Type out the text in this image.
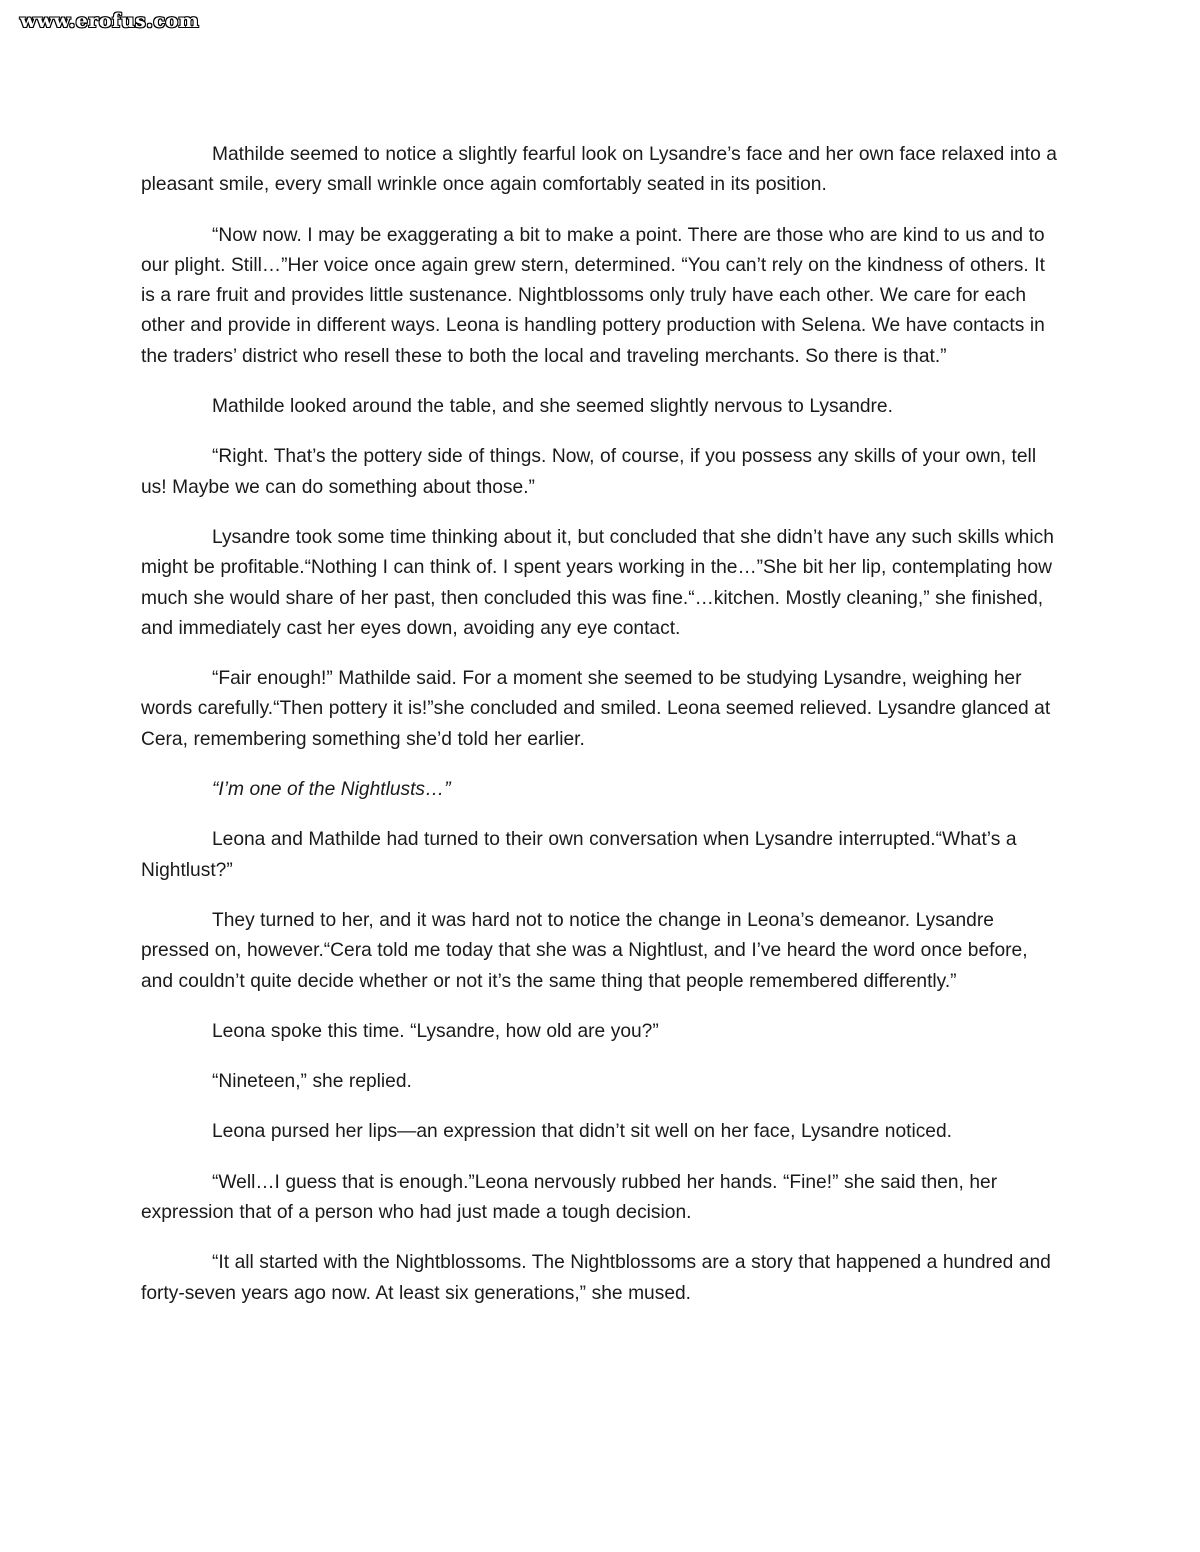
www.erofus.com

Mathilde seemed to notice a slightly fearful look on Lysandre’s face and her own face relaxed into a pleasant smile, every small wrinkle once again comfortably seated in its position.

“Now now. I may be exaggerating a bit to make a point. There are those who are kind to us and to our plight. Still…”Her voice once again grew stern, determined. “You can’t rely on the kindness of others. It is a rare fruit and provides little sustenance. Nightblossoms only truly have each other. We care for each other and provide in different ways. Leona is handling pottery production with Selena. We have contacts in the traders’ district who resell these to both the local and traveling merchants. So there is that.”

Mathilde looked around the table, and she seemed slightly nervous to Lysandre.

“Right. That’s the pottery side of things. Now, of course, if you possess any skills of your own, tell us! Maybe we can do something about those.”

Lysandre took some time thinking about it, but concluded that she didn’t have any such skills which might be profitable.“Nothing I can think of. I spent years working in the…”She bit her lip, contemplating how much she would share of her past, then concluded this was fine.“…kitchen. Mostly cleaning,” she finished, and immediately cast her eyes down, avoiding any eye contact.

“Fair enough!” Mathilde said. For a moment she seemed to be studying Lysandre, weighing her words carefully.“Then pottery it is!”she concluded and smiled. Leona seemed relieved. Lysandre glanced at Cera, remembering something she’d told her earlier.

“I’m one of the Nightlusts…”

Leona and Mathilde had turned to their own conversation when Lysandre interrupted.“What’s a Nightlust?”

They turned to her, and it was hard not to notice the change in Leona’s demeanor. Lysandre pressed on, however.“Cera told me today that she was a Nightlust, and I’ve heard the word once before, and couldn’t quite decide whether or not it’s the same thing that people remembered differently.”

Leona spoke this time. “Lysandre, how old are you?”

“Nineteen,” she replied.

Leona pursed her lips—an expression that didn’t sit well on her face, Lysandre noticed.

“Well…I guess that is enough.”Leona nervously rubbed her hands. “Fine!” she said then, her expression that of a person who had just made a tough decision.

“It all started with the Nightblossoms. The Nightblossoms are a story that happened a hundred and forty-seven years ago now. At least six generations,” she mused.
